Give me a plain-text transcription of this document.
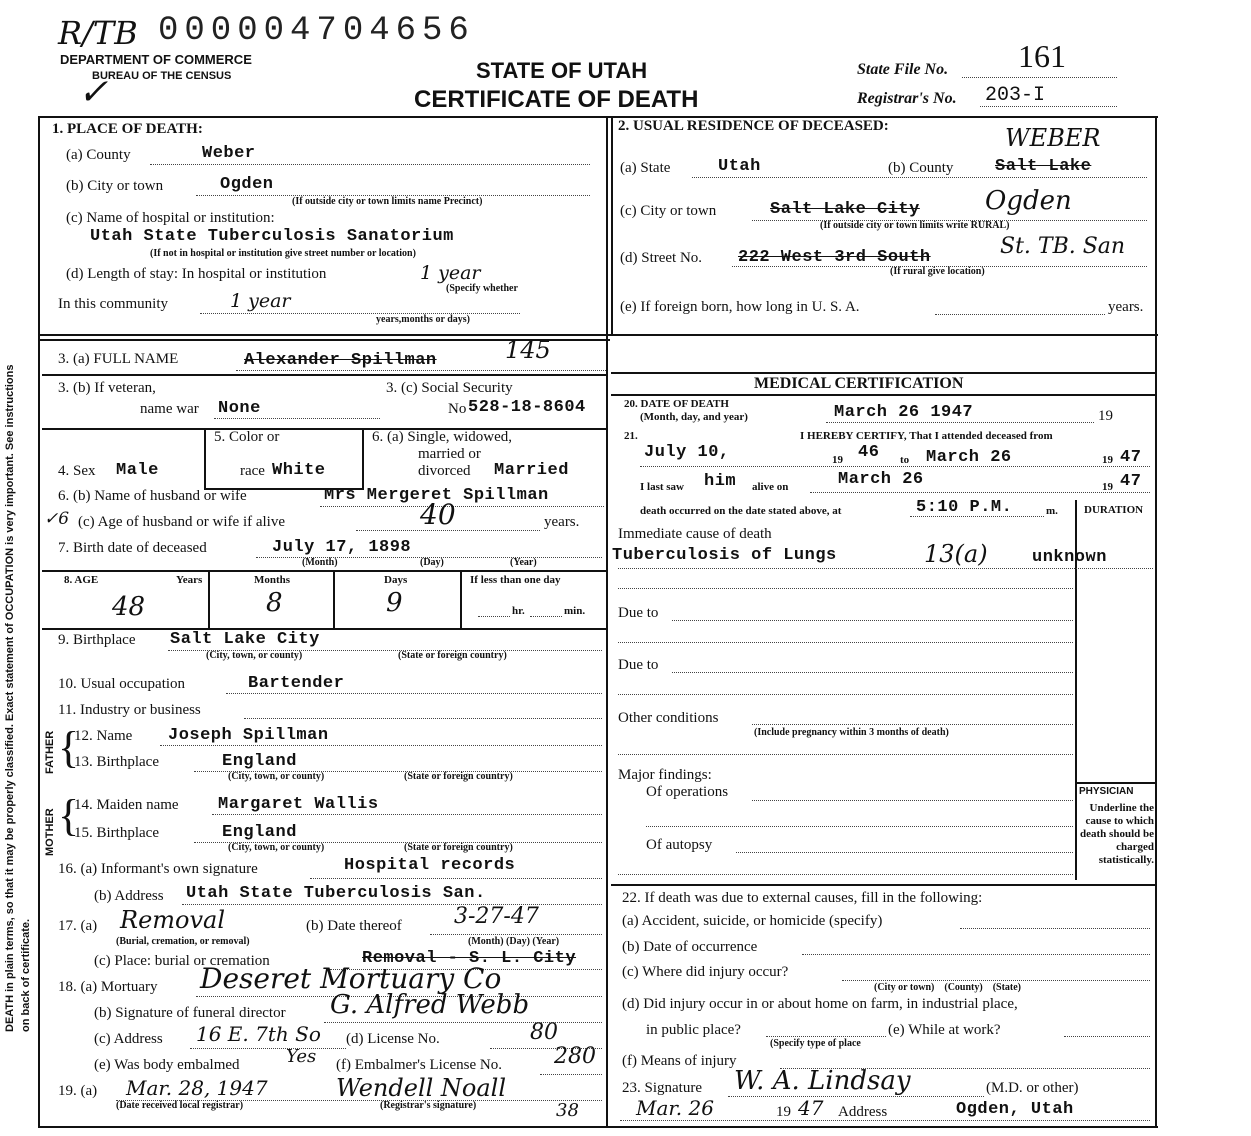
R/TB
✓
000004704656
DEPARTMENT OF COMMERCE
BUREAU OF THE CENSUS	STATE OF UTAH
CERTIFICATE OF DEATH
State File No. 161
Registrar's No. 203-I
DEATH in plain terms, so that it may be properly classified. Exact statement of OCCUPATION is very important. See instructions on back of certificate.
1. PLACE OF DEATH:
(a) County	Weber
(b) City or town	Ogden
(If outside city or town limits name Precinct)
(c) Name of hospital or institution:
Utah State Tuberculosis Sanatorium
(If not in hospital or institution give street number or location)
(d) Length of stay: In hospital or institution	1 year
(Specify whether
In this community	1 year
years,months or days)
2. USUAL RESIDENCE OF DECEASED:	WEBER
(a) State	Utah	(b) County Salt Lake
(c) City or town	Salt Lake City	Ogden
(If outside city or town limits write RURAL)
(d) Street No. 222 West 3rd South	St. TB. San
(If rural give location)
(e) If foreign born, how long in U. S. A.	years.
3. (a) FULL NAME	Alexander Spillman	145
3. (b) If veteran,
name war None
3. (c) Social Security
No 528-18-8604
5. Color or
race White
6. (a) Single, widowed,
married or
divorced Married
4. Sex Male
6. (b) Name of husband or wife	Mrs Mergeret Spillman
✓6 (c) Age of husband or wife if alive	40	years.
7. Birth date of deceased	July 17, 1898
(Month)	(Day)	(Year)
8. AGE	Years	Months	Days	If less than one day
48	8	9	hr.	min.
9. Birthplace Salt Lake City
(City, town, or county)	(State or foreign country)
10. Usual occupation	Bartender
11. Industry or business
FATHER {
12. Name Joseph Spillman
13. Birthplace	England
(City, town, or county)	(State or foreign country)
MOTHER {
14. Maiden name Margaret Wallis
15. Birthplace	England
(City, town, or county)	(State or foreign country)
16. (a) Informant's own signature	Hospital records
(b) Address Utah State Tuberculosis San.
17. (a) Removal
(Burial, cremation, or removal)
(b) Date thereof 3-27-47
(Month) (Day) (Year)
(c) Place: burial or cremation	Removal - S. L. City
18. (a) Mortuary Deseret Mortuary Co
(b) Signature of funeral director G. Alfred Webb
(c) Address 16 E. 7th So (d) License No.	80
(e) Was body embalmed	Yes (f) Embalmer's License No. 280
19. (a) Mar. 28, 1947	Wendell Noall
(Date received local registrar)	(Registrar's signature)	38
MEDICAL CERTIFICATION
20. DATE OF DEATH
(Month, day, and year)	March 26 1947	19
21.	I HEREBY CERTIFY, That I attended deceased from
July 10,	19 46 to March 26	19 47
I last saw him alive on	March 26	19 47
death occurred on the date stated above, at	5:10 P.M.	m. DURATION
Immediate cause of death
Tuberculosis of Lungs	13(a)	unknown
Due to
Due to
Other conditions
(Include pregnancy within 3 months of death)
Major findings:
Of operations
Of autopsy
PHYSICIAN
Underline the cause to which death should be charged statistically.
22. If death was due to external causes, fill in the following:
(a) Accident, suicide, or homicide (specify)
(b) Date of occurrence
(c) Where did injury occur?
(City or town)    (County)    (State)
(d) Did injury occur in or about home on farm, in industrial place,
in public place?
(Specify type of place
(e) While at work?
(f) Means of injury
23. Signature W. A. Lindsay	(M.D. or other)
Mar. 26	19 47 Address	Ogden, Utah
